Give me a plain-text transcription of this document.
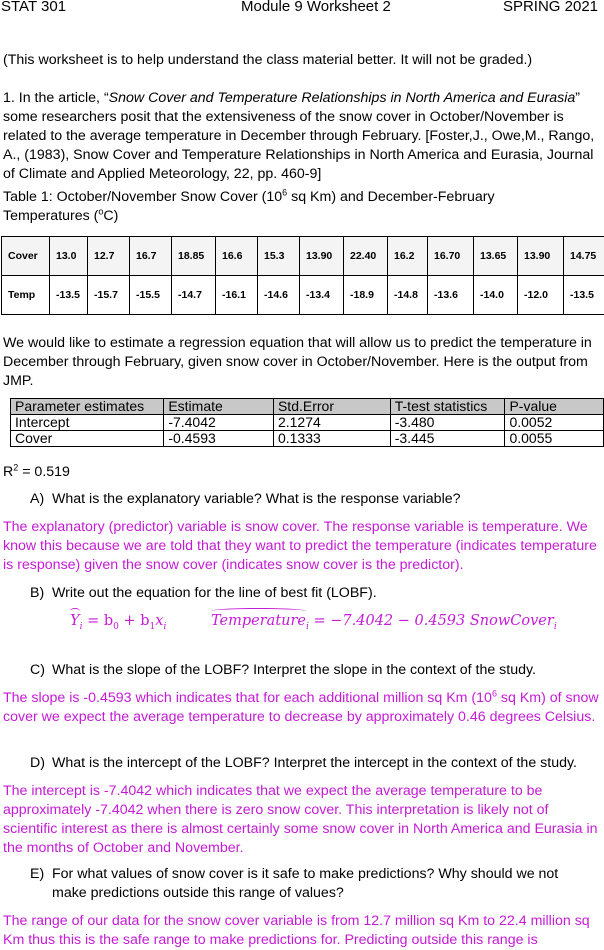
STAT 301	Module 9 Worksheet 2	SPRING 2021
(This worksheet is to help understand the class material better. It will not be graded.)
1. In the article, “Snow Cover and Temperature Relationships in North America and Eurasia” some researchers posit that the extensiveness of the snow cover in October/November is related to the average temperature in December through February. [Foster,J., Owe,M., Rango, A., (1983), Snow Cover and Temperature Relationships in North America and Eurasia, Journal of Climate and Applied Meteorology, 22, pp. 460-9]
Table 1: October/November Snow Cover ($10^6$ sq Km) and December-February
Temperatures ($^o$C)
Cover	13.0	12.7	16.7	18.85	16.6	15.3	13.90	22.40	16.2	16.70	13.65	13.90	14.75
Temp	-13.5	-15.7	-15.5	-14.7	-16.1	-14.6	-13.4	-18.9	-14.8	-13.6	-14.0	-12.0	-13.5
We would like to estimate a regression equation that will allow us to predict the temperature in December through February, given snow cover in October/November. Here is the output from JMP.
Parameter estimates	Estimate	Std.Error	T-test statistics	P-value
Intercept	-7.4042	2.1274	-3.480	0.0052
Cover	-0.4593	0.1333	-3.445	0.0055
$R^2 = 0.519$
A) What is the explanatory variable? What is the response variable?
The explanatory (predictor) variable is snow cover. The response variable is temperature. We know this because we are told that they want to predict the temperature (indicates temperature is response) given the snow cover (indicates snow cover is the predictor).
B) Write out the equation for the line of best fit (LOBF).
$Y_i = b_0 + b_1x_i$	Temperature$_i$ = −7.4042 − 0.4593 SnowCover$_i$
C) What is the slope of the LOBF? Interpret the slope in the context of the study.
The slope is -0.4593 which indicates that for each additional million sq Km ($10^6$ sq Km) of snow cover we expect the average temperature to decrease by approximately 0.46 degrees Celsius.
D) What is the intercept of the LOBF? Interpret the intercept in the context of the study.
The intercept is -7.4042 which indicates that we expect the average temperature to be approximately -7.4042 when there is zero snow cover. This interpretation is likely not of scientific interest as there is almost certainly some snow cover in North America and Eurasia in the months of October and November.
E) For what values of snow cover is it safe to make predictions? Why should we not
make predictions outside this range of values?
The range of our data for the snow cover variable is from 12.7 million sq Km to 22.4 million sq Km thus this is the safe range to make predictions for. Predicting outside this range is
